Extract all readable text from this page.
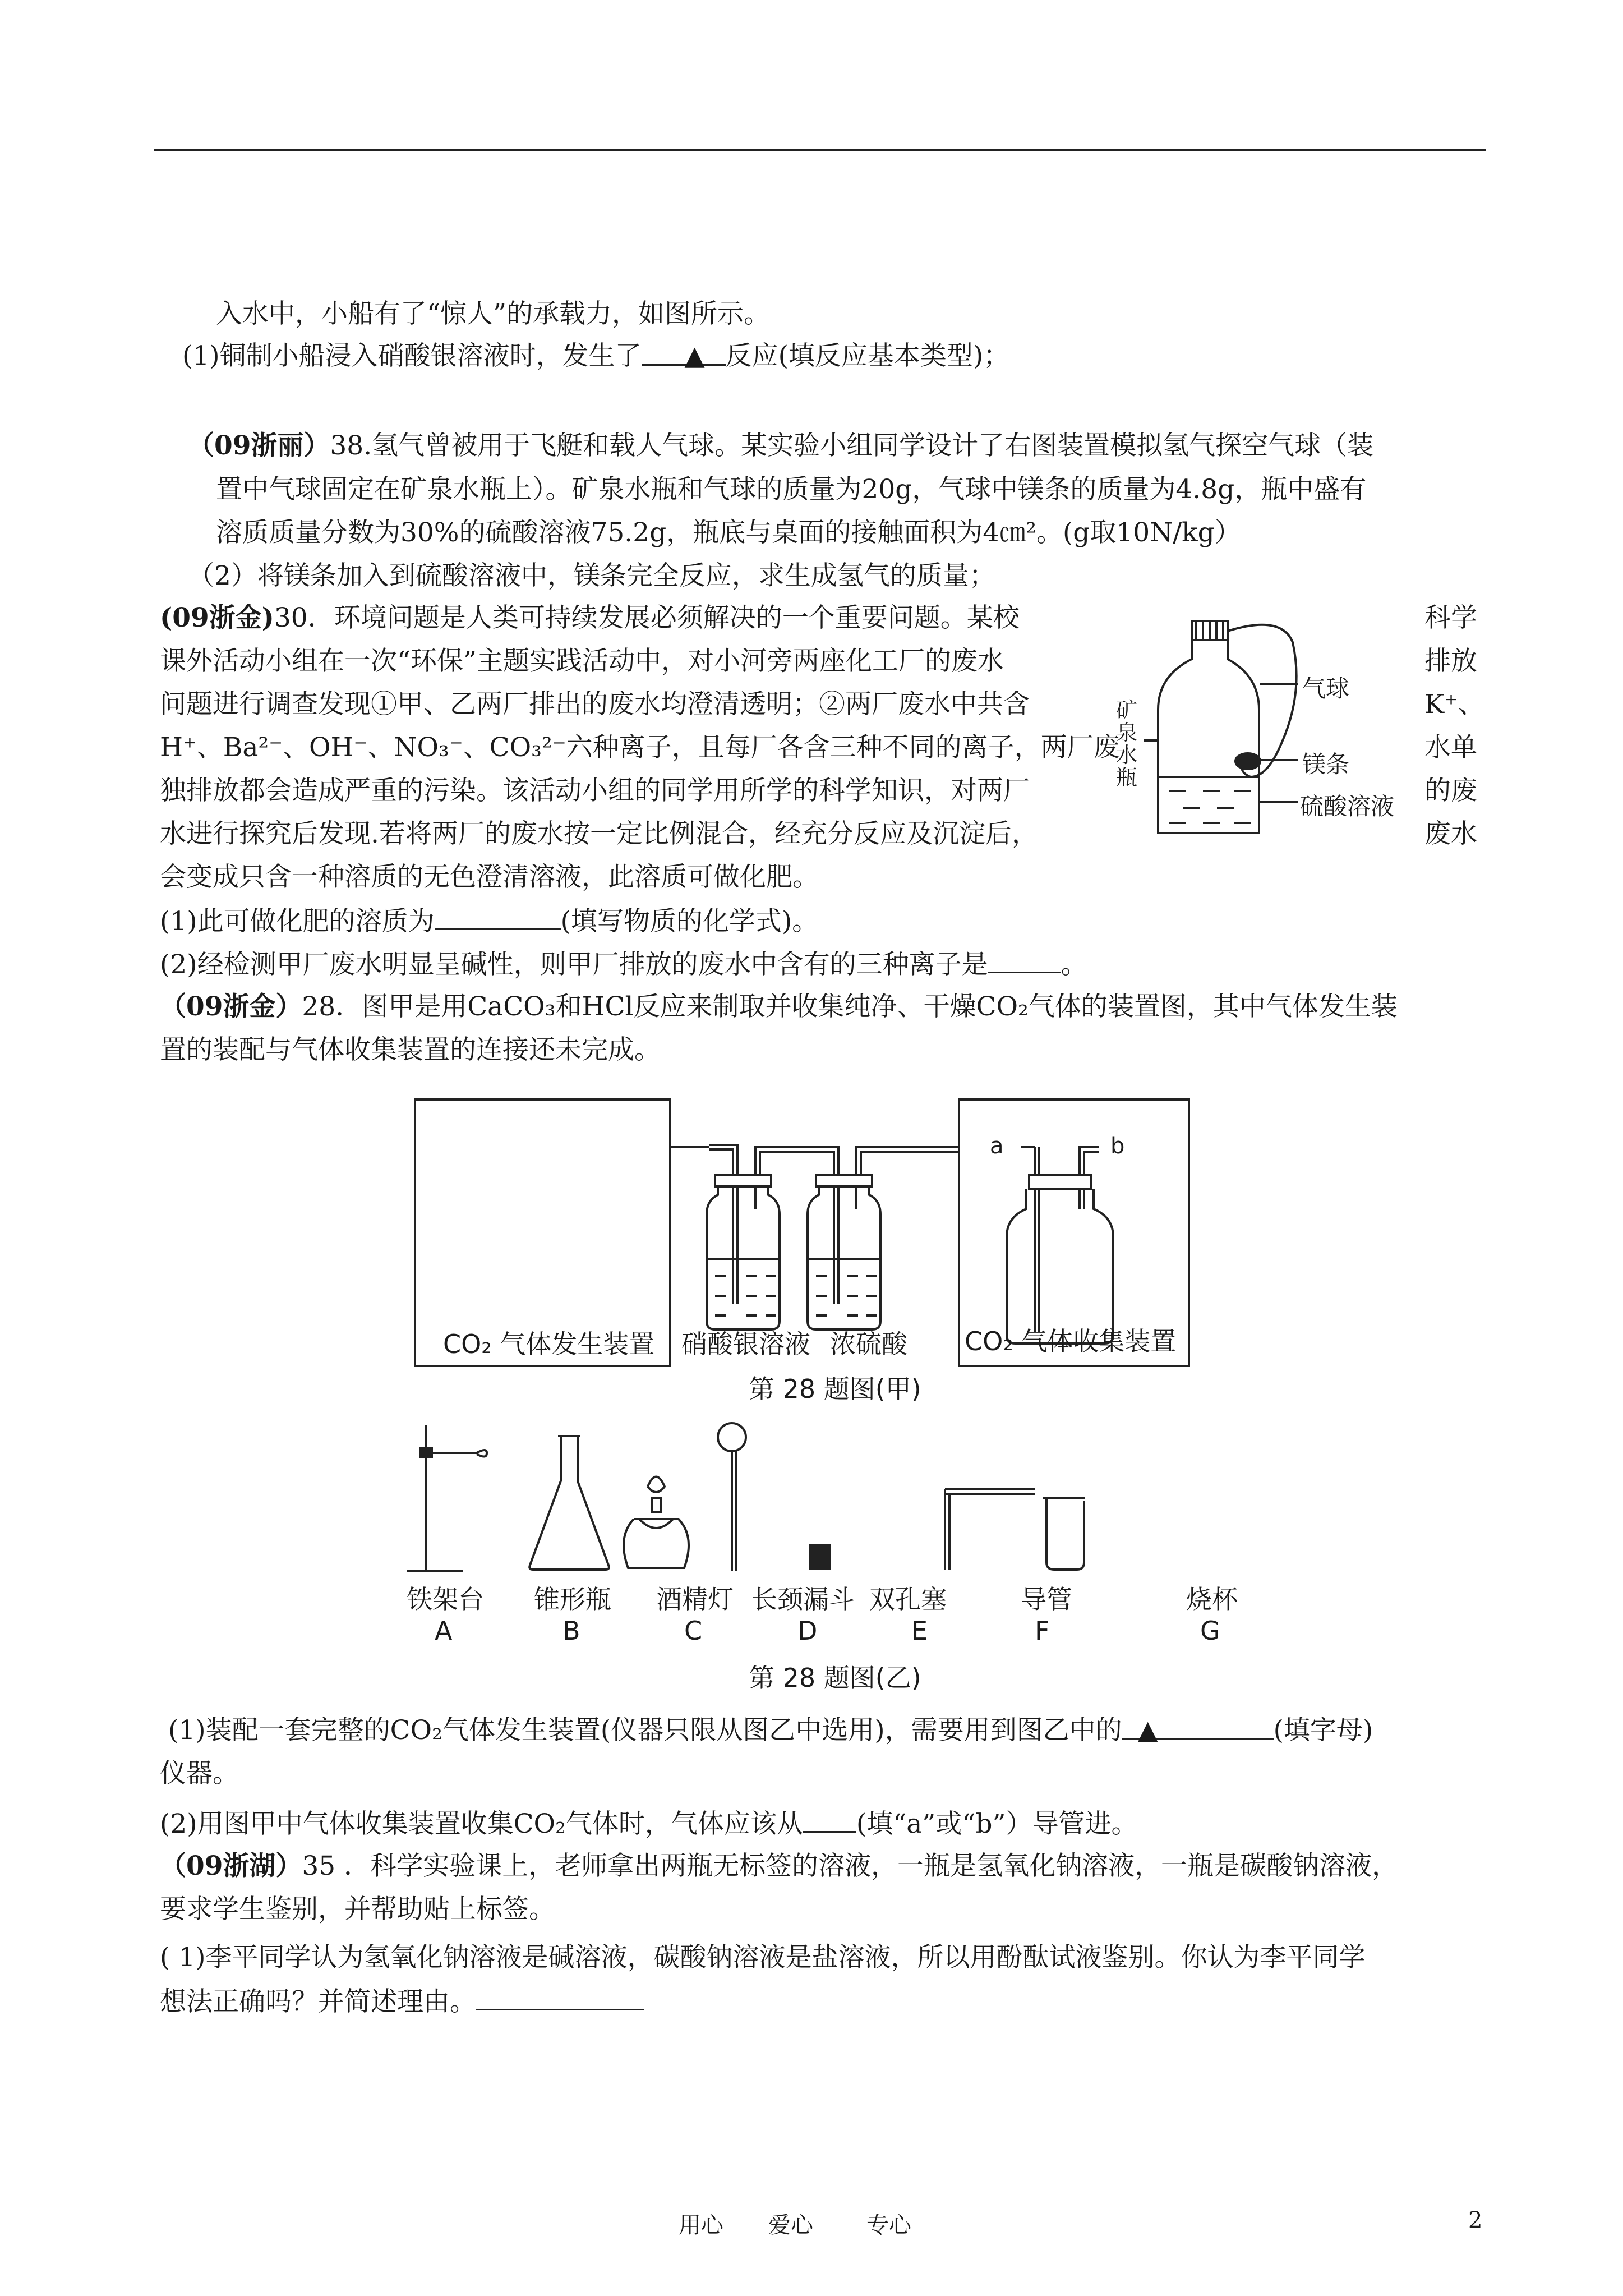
入水中，小船有了“惊人”的承载力，如图所示。
(1)铜制小船浸入硝酸银溶液时，发生了 ▲ 反应(填反应基本类型)；
（09浙丽）38.氢气曾被用于飞艇和载人气球。某实验小组同学设计了右图装置模拟氢气探空气球（装
置中气球固定在矿泉水瓶上）。矿泉水瓶和气球的质量为20g，气球中镁条的质量为4.8g，瓶中盛有
溶质质量分数为30%的硫酸溶液75.2g，瓶底与桌面的接触面积为4㎝²。(g取10N/kg）
（2）将镁条加入到硫酸溶液中，镁条完全反应，求生成氢气的质量；
(09浙金)30．环境问题是人类可持续发展必须解决的一个重要问题。某校
课外活动小组在一次“环保”主题实践活动中，对小河旁两座化工厂的废水
问题进行调查发现①甲、乙两厂排出的废水均澄清透明；②两厂废水中共含
H⁺、Ba²⁻、OH⁻、NO₃⁻、CO₃²⁻六种离子，且每厂各含三种不同的离子，两厂废
独排放都会造成严重的污染。该活动小组的同学用所学的科学知识，对两厂
水进行探究后发现.若将两厂的废水按一定比例混合，经充分反应及沉淀后，
会变成只含一种溶质的无色澄清溶液，此溶质可做化肥。
科学
排放
K⁺、
水单
的废
废水
气球
镁条
硫酸溶液
矿
泉
水
瓶
(1)此可做化肥的溶质为	(填写物质的化学式)。
(2)经检测甲厂废水明显呈碱性，则甲厂排放的废水中含有的三种离子是	。
（09浙金）28．图甲是用CaCO₃和HCl反应来制取并收集纯净、干燥CO₂气体的装置图，其中气体发生装
置的装配与气体收集装置的连接还未完成。
a	b
CO₂ 气体发生装置 硝酸银溶液 浓硫酸 CO₂ 气体收集装置
第 28 题图(甲)
铁架台
A
锥形瓶
B
酒精灯
C
长颈漏斗
D
双孔塞
E
导管
F
烧杯
G
第 28 题图(乙)
(1)装配一套完整的CO₂气体发生装置(仪器只限从图乙中选用)，需要用到图乙中的 ▲	(填字母)
仪器。
(2)用图甲中气体收集装置收集CO₂气体时，气体应该从 (填“a”或“b”）导管进。
（09浙湖）35 ．科学实验课上，老师拿出两瓶无标签的溶液，一瓶是氢氧化钠溶液，一瓶是碳酸钠溶液，
要求学生鉴别，并帮助贴上标签。
( 1)李平同学认为氢氧化钠溶液是碱溶液，碳酸钠溶液是盐溶液，所以用酚酞试液鉴别。你认为李平同学
想法正确吗？并简述理由。
用心 爱心 专心	2
